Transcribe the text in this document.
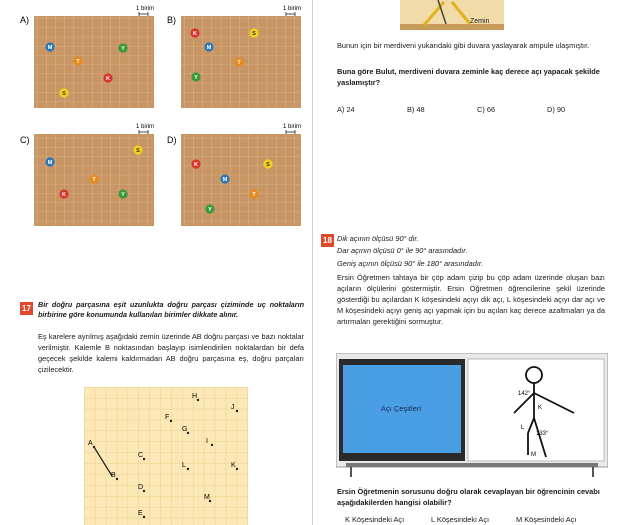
1 birim	1 birim
1 birim	1 birim
A)	B)
C)	D)
M	Y
T
K
S
K	S
M
T
Y
M
S
T
K	Y
K	S
M
T
Y
17 Bir doğru parçasına eşit uzunlukta doğru parçası çiziminde uç noktaların birbirine göre konumunda kullanılan birimler dikkate alınır.
Eş karelere ayrılmış aşağıdaki zemin üzerinde AB doğru parçası ve bazı noktalar verilmiştir. Kalemle B noktasından başlayıp isimlendirilen noktalardan bir defa geçecek şekilde kalemi kaldırmadan AB doğru parçasına eş, doğru parçaları çizilecektir.
H
J
F
G
A	I
C
B
L	K
D
M
E
Zemin
Bunun için bir merdiveni yukarıdaki gibi duvara yaslayarak ampule ulaşmıştır.
Buna göre Bulut, merdiveni duvara zeminle kaç derece açı yapacak şekilde yaslamıştır?
A) 24	B) 48	C) 66	D) 90
18 Dik açının ölçüsü 90° dir.
Dar açının ölçüsü 0° ile 90° arasındadır.
Geniş açının ölçüsü 90° ile 180° arasındadır.
Ersin Öğretmen tahtaya bir çöp adam çizip bu çöp adam üzerinde oluşan bazı açıların ölçülerini göstermiştir. Ersin Öğretmen öğrencilerine şekil üzerinde gösterdiği bu açılardan K köşesindeki açıyı dik açı, L köşesindeki açıyı dar açı ve M köşesindeki açıyı geniş açı yapmak için bu açıları kaç derece azaltmaları ya da artırmaları gerektiğini sormuştur.
Açı Çeşitleri
142°
K
L
133°
M
Ersin Öğretmenin sorusunu doğru olarak cevaplayan bir öğrencinin cevabı aşağıdakilerden hangisi olabilir?
K Köşesindeki Açı	L Köşesindeki Açı	M Köşesindeki Açı
